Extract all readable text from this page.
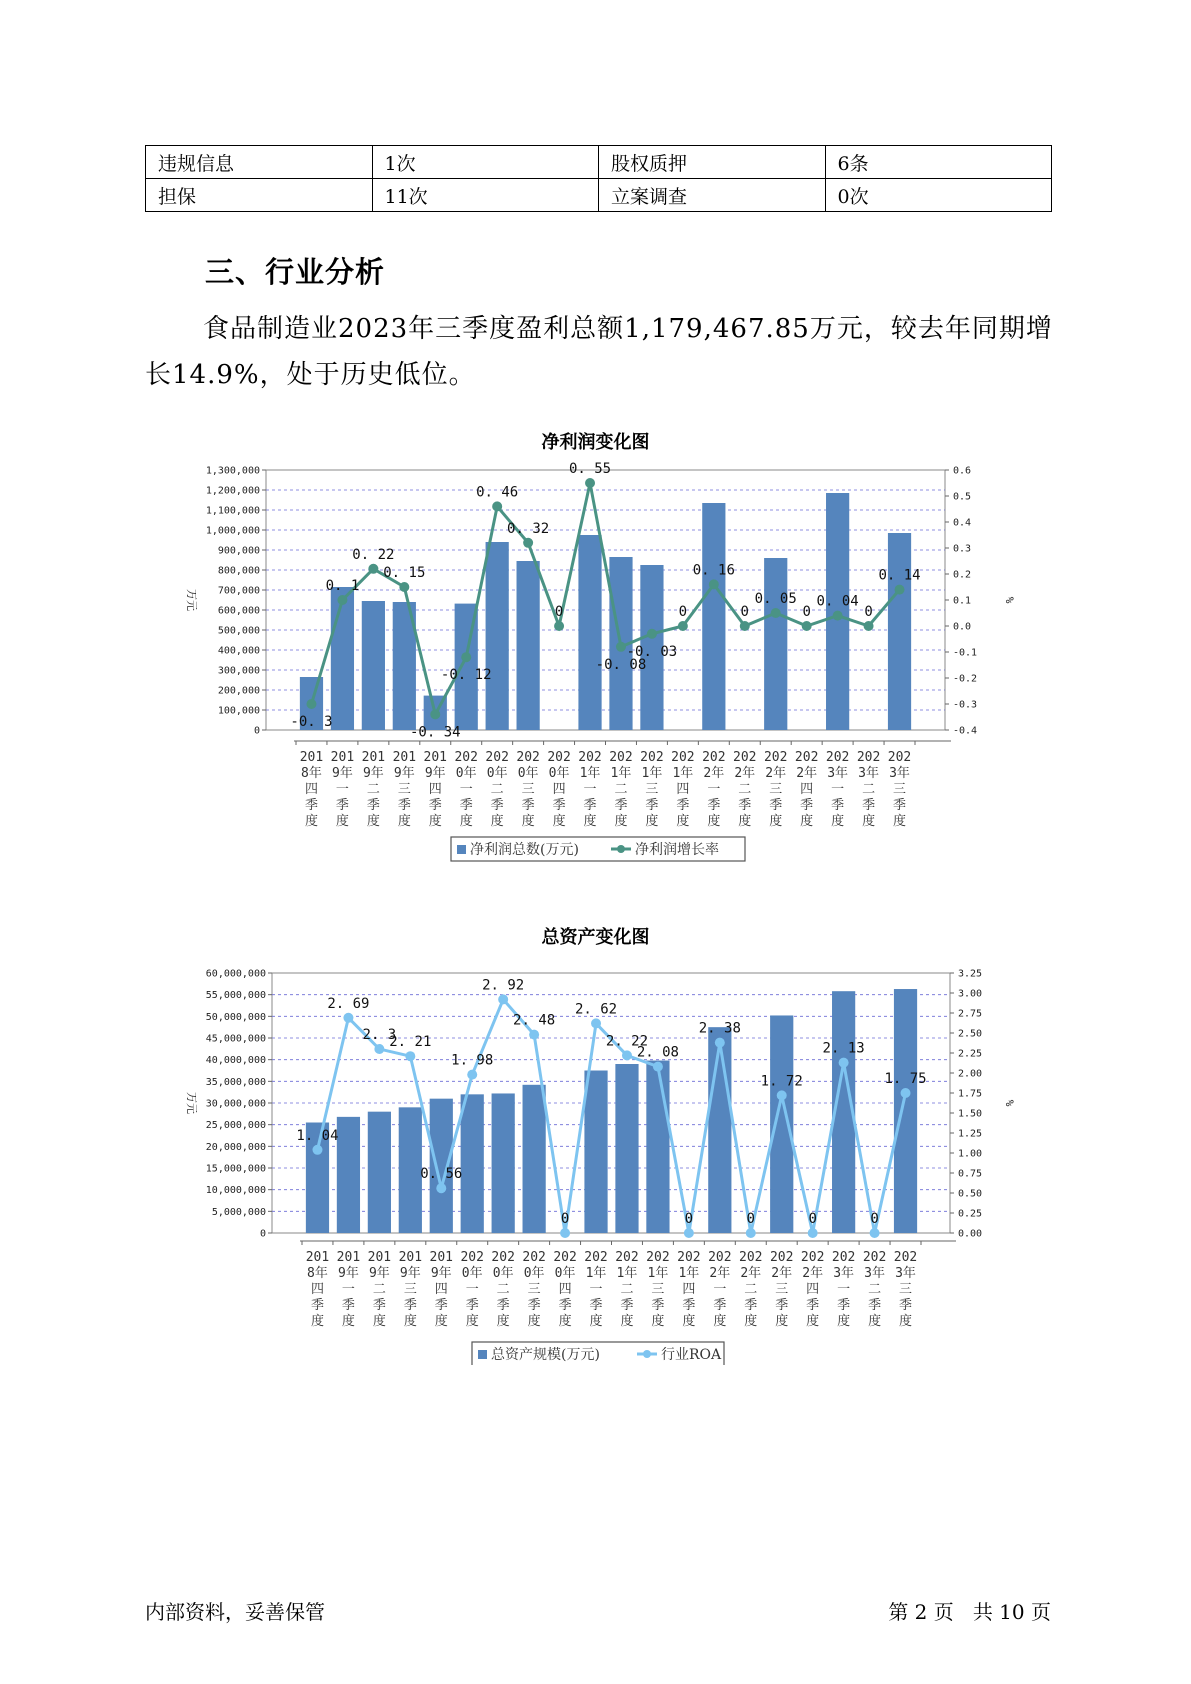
违规信息	1次	股权质押	6条
担保	11次	立案调查	0次
三、行业分析
食品制造业2023年三季度盈利总额1,179,467.85万元，较去年同期增长14.9%，处于历史低位。
净利润变化图
1,300,000
1,200,000
1,100,000
1,000,000
900,000
800,000
700,000
600,000
500,000
400,000
300,000
200,000
100,000
0
0.6
0.5
0.4
0.3
0.2
0.1
0.0
-0.1
-0.2
-0.3
-0.4
万元	%
-0. 3
0. 1
0. 22
0. 15
-0. 34
-0. 12
0. 46
0. 32
0
0. 55
-0. 08
-0. 03
0
0. 16
0
0. 05
0
0. 04
0
0. 14
201 8年四季度
201 9年一季度
201 9年二季度
201 9年三季度
201 9年四季度
202 0年一季度
202 0年二季度
202 0年三季度
202 0年四季度
202 1年一季度
202 1年二季度
202 1年三季度
202 1年四季度
202 2年一季度
202 2年二季度
202 2年三季度
202 2年四季度
202 3年一季度
202 3年二季度
202 3年三季度
净利润总数(万元)	净利润增长率
总资产变化图
60,000,000
55,000,000
50,000,000
45,000,000
40,000,000
35,000,000
30,000,000
25,000,000
20,000,000
15,000,000
10,000,000
5,000,000
0
3.25
3.00
2.75
2.50
2.25
2.00
1.75
1.50
1.25
1.00
0.75
0.50
0.25
0.00
万元	%
1. 04
2. 69
2. 3
2. 21
0. 56
1. 98
2. 92
2. 48
0
2. 62
2. 22
2. 08
0
2. 38
0
1. 72
0
2. 13
0
1. 75
201 8年四季度
201 9年一季度
201 9年二季度
201 9年三季度
201 9年四季度
202 0年一季度
202 0年二季度
202 0年三季度
202 0年四季度
202 1年一季度
202 1年二季度
202 1年三季度
202 1年四季度
202 2年一季度
202 2年二季度
202 2年三季度
202 2年四季度
202 3年一季度
202 3年二季度
202 3年三季度
总资产规模(万元)	行业ROA
内部资料，妥善保管	第 2 页   共 10 页
